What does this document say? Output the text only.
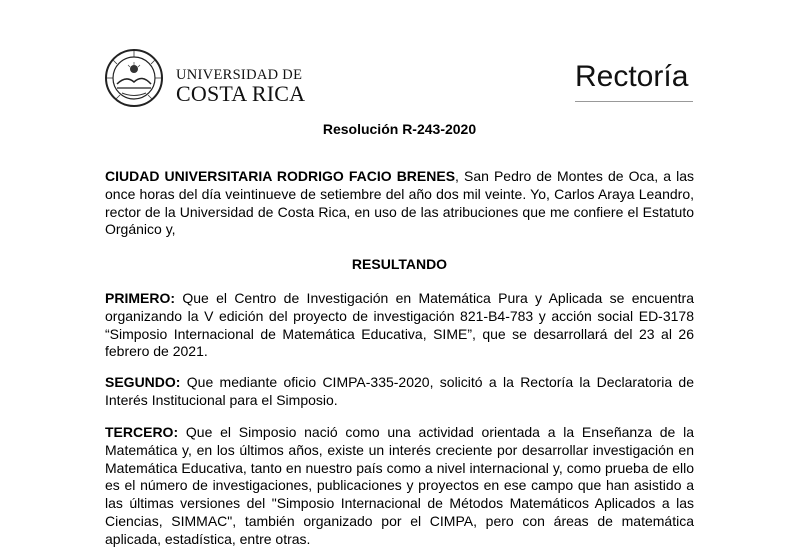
UNIVERSIDAD DE
COSTA RICA
Rectoría
Resolución R-243-2020
CIUDAD UNIVERSITARIA RODRIGO FACIO BRENES, San Pedro de Montes de Oca, a las once horas del día veintinueve de setiembre del año dos mil veinte. Yo, Carlos Araya Leandro, rector de la Universidad de Costa Rica, en uso de las atribuciones que me confiere el Estatuto Orgánico y,
RESULTANDO
PRIMERO: Que el Centro de Investigación en Matemática Pura y Aplicada se encuentra organizando la V edición del proyecto de investigación 821-B4-783 y acción social ED-3178 “Simposio Internacional de Matemática Educativa, SIME”, que se desarrollará del 23 al 26 febrero de 2021.
SEGUNDO: Que mediante oficio CIMPA-335-2020, solicitó a la Rectoría la Declaratoria de Interés Institucional para el Simposio.
TERCERO: Que el Simposio nació como una actividad orientada a la Enseñanza de la Matemática y, en los últimos años, existe un interés creciente por desarrollar investigación en Matemática Educativa, tanto en nuestro país como a nivel internacional y, como prueba de ello es el número de investigaciones, publicaciones y proyectos en ese campo que han asistido a las últimas versiones del "Simposio Internacional de Métodos Matemáticos Aplicados a las Ciencias, SIMMAC", también organizado por el CIMPA, pero con áreas de matemática aplicada, estadística, entre otras.
